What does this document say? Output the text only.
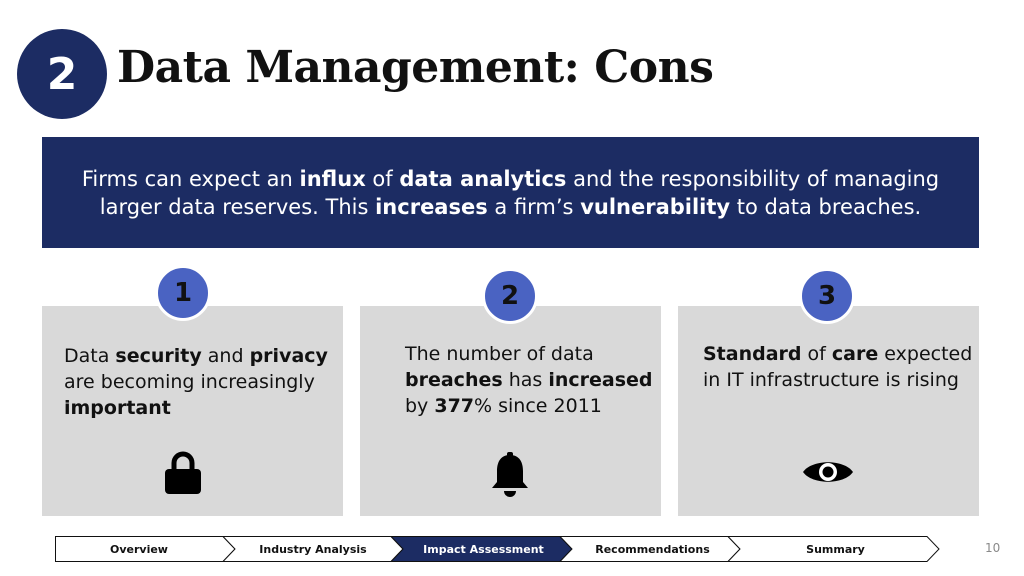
2 Data Management: Cons

Firms can expect an influx of data analytics and the responsibility of managing larger data reserves. This increases a firm’s vulnerability to data breaches.

1	2	3
Data security and privacy are becoming increasingly important
The number of data breaches has increased by 377% since 2011
Standard of care expected in IT infrastructure is rising
Overview	Industry Analysis	Impact Assessment	Recommendations	Summary	10
